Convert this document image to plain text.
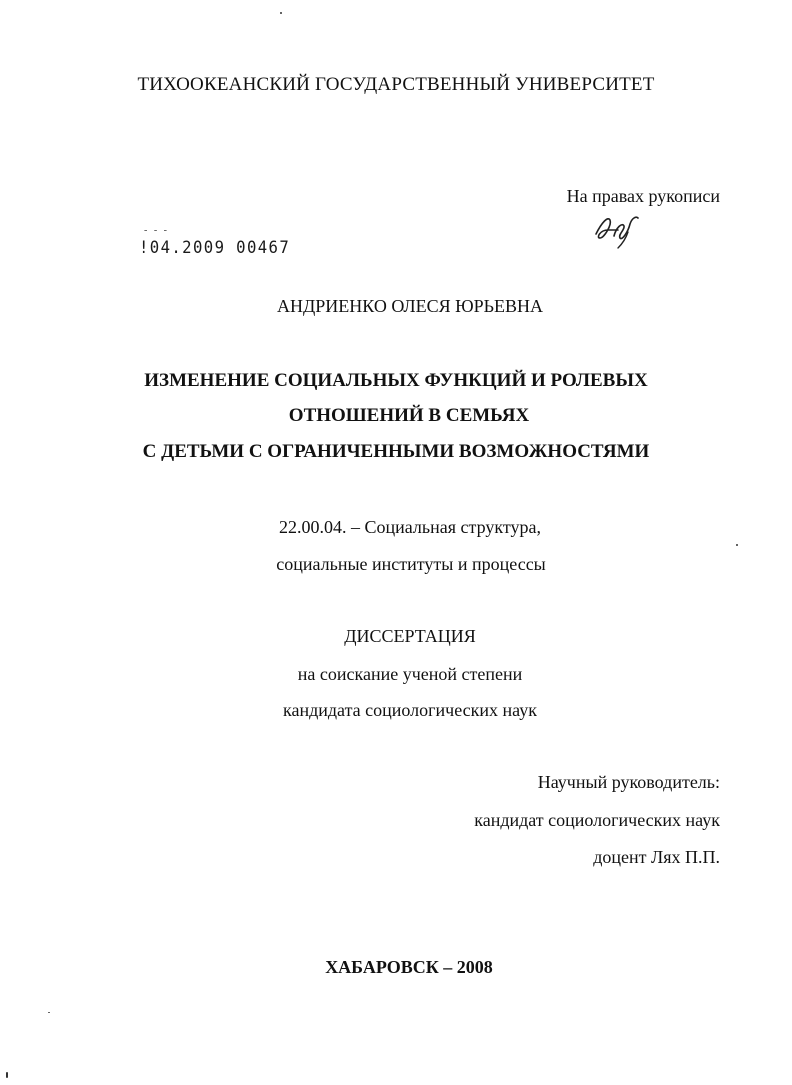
ТИХООКЕАНСКИЙ ГОСУДАРСТВЕННЫЙ УНИВЕРСИТЕТ
На правах рукописи
- - -
!04.2009 00467
АНДРИЕНКО ОЛЕСЯ ЮРЬЕВНА
ИЗМЕНЕНИЕ СОЦИАЛЬНЫХ ФУНКЦИЙ И РОЛЕВЫХ
ОТНОШЕНИЙ В СЕМЬЯХ
С ДЕТЬМИ С ОГРАНИЧЕННЫМИ ВОЗМОЖНОСТЯМИ
22.00.04. – Социальная структура,
социальные институты и процессы
ДИССЕРТАЦИЯ
на соискание ученой степени
кандидата социологических наук
Научный руководитель:
кандидат социологических наук
доцент Лях П.П.
ХАБАРОВСК – 2008
